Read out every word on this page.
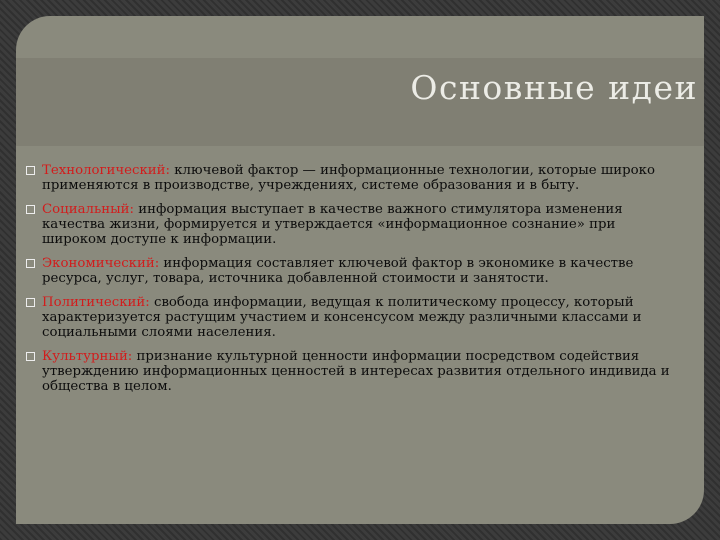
Основные идеи
Технологический: ключевой фактор — информационные технологии, которые широко применяются в производстве, учреждениях, системе образования и в быту.
Социальный: информация выступает в качестве важного стимулятора изменения качества жизни, формируется и утверждается «информационное сознание» при широком доступе к информации.
Экономический: информация составляет ключевой фактор в экономике в качестве ресурса, услуг, товара, источника добавленной стоимости и занятости.
Политический: свобода информации, ведущая к политическому процессу, который характеризуется растущим участием и консенсусом между различными классами и социальными слоями населения.
Культурный: признание культурной ценности информации посредством содействия утверждению информационных ценностей в интересах развития отдельного индивида и общества в целом.
